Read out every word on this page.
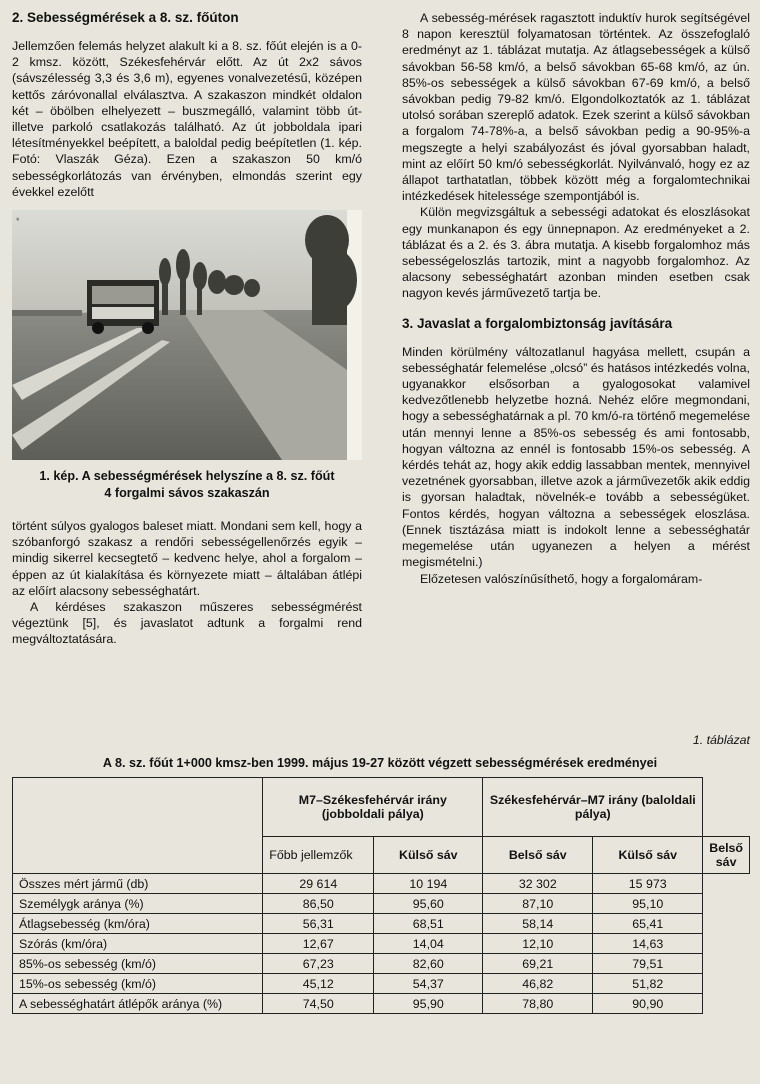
2. Sebességmérések a 8. sz. főúton

Jellemzően felemás helyzet alakult ki a 8. sz. főút elején is a 0-2 kmsz. között, Székesfehérvár előtt. Az út 2x2 sávos (sávszélesség 3,3 és 3,6 m), egyenes vonalvezetésű, középen kettős záróvonallal elválasztva. A szakaszon mindkét oldalon két – öbölben elhelyezett – buszmegálló, valamint több út- illetve parkoló csatlakozás található. Az út jobboldala ipari létesítményekkel beépített, a baloldal pedig beépítetlen (1. kép. Fotó: Vlaszák Géza). Ezen a szakaszon 50 km/ó sebességkorlátozás van érvényben, elmondás szerint egy évekkel ezelőtt

*
1. kép. A sebességmérések helyszíne a 8. sz. főút
4 forgalmi sávos szakaszán

történt súlyos gyalogos baleset miatt. Mondani sem kell, hogy a szóbanforgó szakasz a rendőri sebességellenőrzés egyik – mindig sikerrel kecsegtető – kedvenc helye, ahol a forgalom – éppen az út kialakítása és környezete miatt – általában átlépi az előírt alacsony sebességhatárt.

A kérdéses szakaszon műszeres sebességmérést végeztünk [5], és javaslatot adtunk a forgalmi rend megváltoztatására.

A sebesség-mérések ragasztott induktív hurok segítségével 8 napon keresztül folyamatosan történtek. Az összefoglaló eredményt az 1. táblázat mutatja. Az átlagsebességek a külső sávokban 56-58 km/ó, a belső sávokban 65-68 km/ó, az ún. 85%-os sebességek a külső sávokban 67-69 km/ó, a belső sávokban pedig 79-82 km/ó. Elgondolkoztatók az 1. táblázat utolsó sorában szereplő adatok. Ezek szerint a külső sávokban a forgalom 74-78%-a, a belső sávokban pedig a 90-95%-a megszegte a helyi szabályozást és jóval gyorsabban haladt, mint az előírt 50 km/ó sebességkorlát. Nyilvánvaló, hogy ez az állapot tarthatatlan, többek között még a forgalomtechnikai intézkedések hitelessége szempontjából is.

Külön megvizsgáltuk a sebességi adatokat és eloszlásokat egy munkanapon és egy ünnepnapon. Az eredményeket a 2. táblázat és a 2. és 3. ábra mutatja. A kisebb forgalomhoz más sebességeloszlás tartozik, mint a nagyobb forgalomhoz. Az alacsony sebességhatárt azonban minden esetben csak nagyon kevés járművezető tartja be.

3. Javaslat a forgalombiztonság javítására

Minden körülmény változatlanul hagyása mellett, csupán a sebességhatár felemelése „olcsó” és hatásos intézkedés volna, ugyanakkor elsősorban a gyalogosokat valamivel kedvezőtlenebb helyzetbe hozná. Nehéz előre megmondani, hogy a sebességhatárnak a pl. 70 km/ó-ra történő megemelése után mennyi lenne a 85%-os sebesség és ami fontosabb, hogyan változna az ennél is fontosabb 15%-os sebesség. A kérdés tehát az, hogy akik eddig lassabban mentek, mennyivel vezetnének gyorsabban, illetve azok a járművezetők akik eddig is gyorsan haladtak, növelnék-e tovább a sebességüket. Fontos kérdés, hogyan változna a sebességek eloszlása. (Ennek tisztázása miatt is indokolt lenne a sebességhatár megemelése után ugyanezen a helyen a mérést megismételni.)

Előzetesen valószínűsíthető, hogy a forgalomáram-

1. táblázat
A 8. sz. főút 1+000 kmsz-ben 1999. május 19-27 között végzett sebességmérések eredményei
	M7–Székesfehérvár irány (jobboldali pálya)		Székesfehérvár–M7 irány (baloldali pálya)		
	Főbb jellemzők	Külső sáv	Belső sáv	Külső sáv	Belső sáv
Összes mért jármű (db)	29 614	10 194	32 302	15 973	
Személygk aránya (%)	86,50	95,60	87,10	95,10	
Átlagsebesség (km/óra)	56,31	68,51	58,14	65,41	
Szórás (km/óra)	12,67	14,04	12,10	14,63	
85%-os sebesség (km/ó)	67,23	82,60	69,21	79,51	
15%-os sebesség (km/ó)	45,12	54,37	46,82	51,82	
A sebességhatárt átlépők aránya (%)	74,50	95,90	78,80	90,90	
